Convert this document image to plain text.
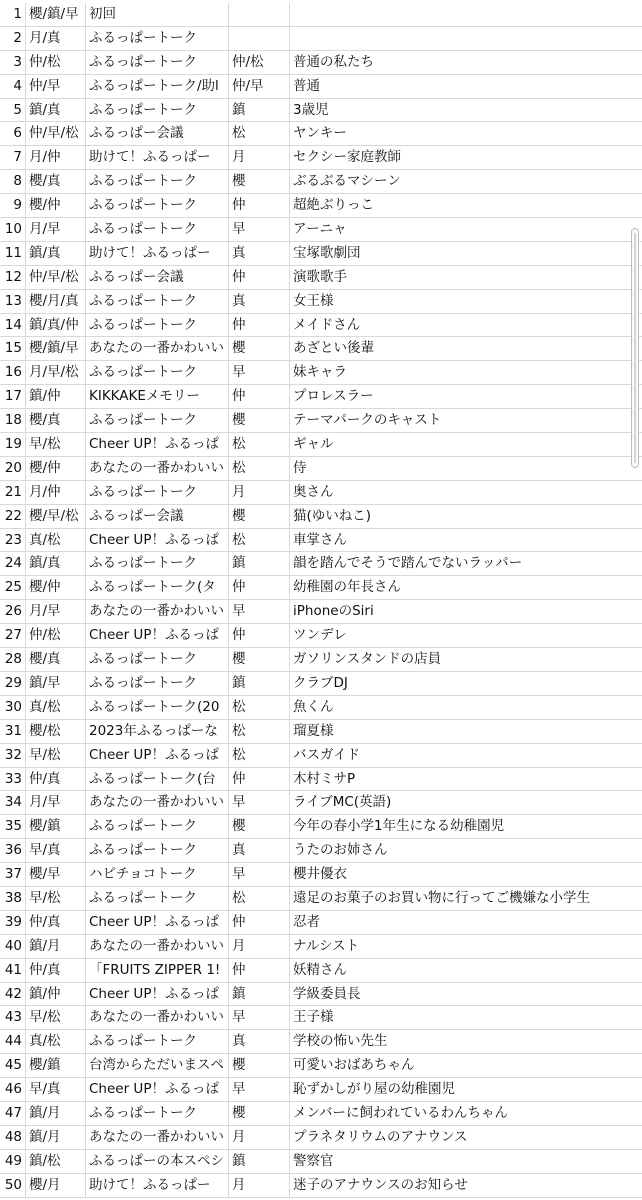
1 櫻/鎮/早 初回
2 月/真	ふるっぱートーク
3 仲/松	ふるっぱートーク	仲/松	普通の私たち
4 仲/早	ふるっぱートーク/助l 仲/早	普通
5 鎮/真	ふるっぱートーク	鎮	3歳児
6 仲/早/松 ふるっぱー会議	松	ヤンキー
7 月/仲	助けて！ふるっぱー	月	セクシー家庭教師
8 櫻/真	ふるっぱートーク	櫻	ぶるぶるマシーン
9 櫻/仲	ふるっぱートーク	仲	超絶ぶりっこ
10 月/早	ふるっぱートーク	早	アーニャ
11 鎮/真	助けて！ふるっぱー	真	宝塚歌劇団
12 仲/早/松 ふるっぱー会議	仲	演歌歌手
13 櫻/月/真 ふるっぱートーク	真	女王様
14 鎮/真/仲 ふるっぱートーク	仲	メイドさん
15 櫻/鎮/早 あなたの一番かわいい 櫻	あざとい後輩
16 月/早/松 ふるっぱートーク	早	妹キャラ
17 鎮/仲	KIKKAKEメモリー	仲	プロレスラー
18 櫻/真	ふるっぱートーク	櫻	テーマパークのキャスト
19 早/松	Cheer UP！ふるっぱ 松	ギャル
20 櫻/仲	あなたの一番かわいい 松	侍
21 月/仲	ふるっぱートーク	月	奥さん
22 櫻/早/松 ふるっぱー会議	櫻	猫(ゆいねこ)
23 真/松	Cheer UP！ふるっぱ 松	車掌さん
24 鎮/真	ふるっぱートーク	鎮	韻を踏んでそうで踏んでないラッパー
25 櫻/仲	ふるっぱートーク(タ	仲	幼稚園の年長さん
26 月/早	あなたの一番かわいい 早	iPhoneのSiri
27 仲/松	Cheer UP！ふるっぱ 仲	ツンデレ
28 櫻/真	ふるっぱートーク	櫻	ガソリンスタンドの店員
29 鎮/早	ふるっぱートーク	鎮	クラブDJ
30 真/松	ふるっぱートーク(20 松	魚くん
31 櫻/松	2023年ふるっぱーな	松	瑠夏様
32 早/松	Cheer UP！ふるっぱ 松	バスガイド
33 仲/真	ふるっぱートーク(台	仲	木村ミサP
34 月/早	あなたの一番かわいい 早	ライブMC(英語)
35 櫻/鎮	ふるっぱートーク	櫻	今年の春小学1年生になる幼稚園児
36 早/真	ふるっぱートーク	真	うたのお姉さん
37 櫻/早	ハピチョコトーク	早	櫻井優衣
38 早/松	ふるっぱートーク	松	遠足のお菓子のお買い物に行ってご機嫌な小学生
39 仲/真	Cheer UP！ふるっぱ 仲	忍者
40 鎮/月	あなたの一番かわいい 月	ナルシスト
41 仲/真	「FRUITS ZIPPER 1! 仲	妖精さん
42 鎮/仲	Cheer UP！ふるっぱ 鎮	学級委員長
43 早/松	あなたの一番かわいい 早	王子様
44 真/松	ふるっぱートーク	真	学校の怖い先生
45 櫻/鎮	台湾からただいまスペ 櫻	可愛いおばあちゃん
46 早/真	Cheer UP！ふるっぱ 早	恥ずかしがり屋の幼稚園児
47 鎮/月	ふるっぱートーク	櫻	メンバーに飼われているわんちゃん
48 鎮/月	あなたの一番かわいい 月	プラネタリウムのアナウンス
49 鎮/松	ふるっぱーの本スペシ 鎮	警察官
50 櫻/月	助けて！ふるっぱー	月	迷子のアナウンスのお知らせ
